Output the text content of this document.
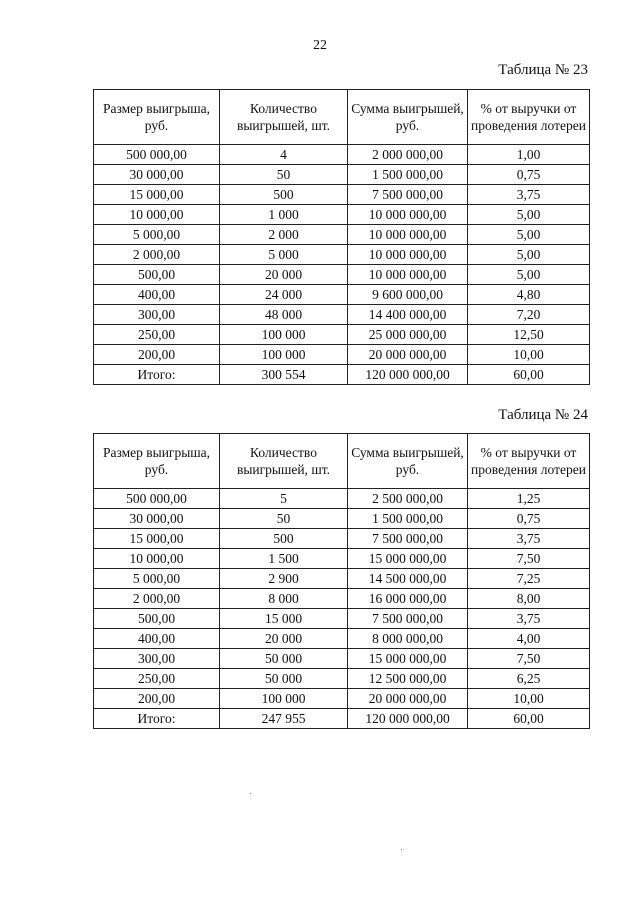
22
Таблица № 23
Размер выигрыша, руб.	Количество выигрышей, шт.	Сумма выигрышей, руб.	% от выручки от проведения лотереи
500 000,00	4	2 000 000,00	1,00
30 000,00	50	1 500 000,00	0,75
15 000,00	500	7 500 000,00	3,75
10 000,00	1 000	10 000 000,00	5,00
5 000,00	2 000	10 000 000,00	5,00
2 000,00	5 000	10 000 000,00	5,00
500,00	20 000	10 000 000,00	5,00
400,00	24 000	9 600 000,00	4,80
300,00	48 000	14 400 000,00	7,20
250,00	100 000	25 000 000,00	12,50
200,00	100 000	20 000 000,00	10,00
Итого:	300 554	120 000 000,00	60,00
Таблица № 24
Размер выигрыша, руб.	Количество выигрышей, шт.	Сумма выигрышей, руб.	% от выручки от проведения лотереи
500 000,00	5	2 500 000,00	1,25
30 000,00	50	1 500 000,00	0,75
15 000,00	500	7 500 000,00	3,75
10 000,00	1 500	15 000 000,00	7,50
5 000,00	2 900	14 500 000,00	7,25
2 000,00	8 000	16 000 000,00	8,00
500,00	15 000	7 500 000,00	3,75
400,00	20 000	8 000 000,00	4,00
300,00	50 000	15 000 000,00	7,50
250,00	50 000	12 500 000,00	6,25
200,00	100 000	20 000 000,00	10,00
Итого:	247 955	120 000 000,00	60,00
